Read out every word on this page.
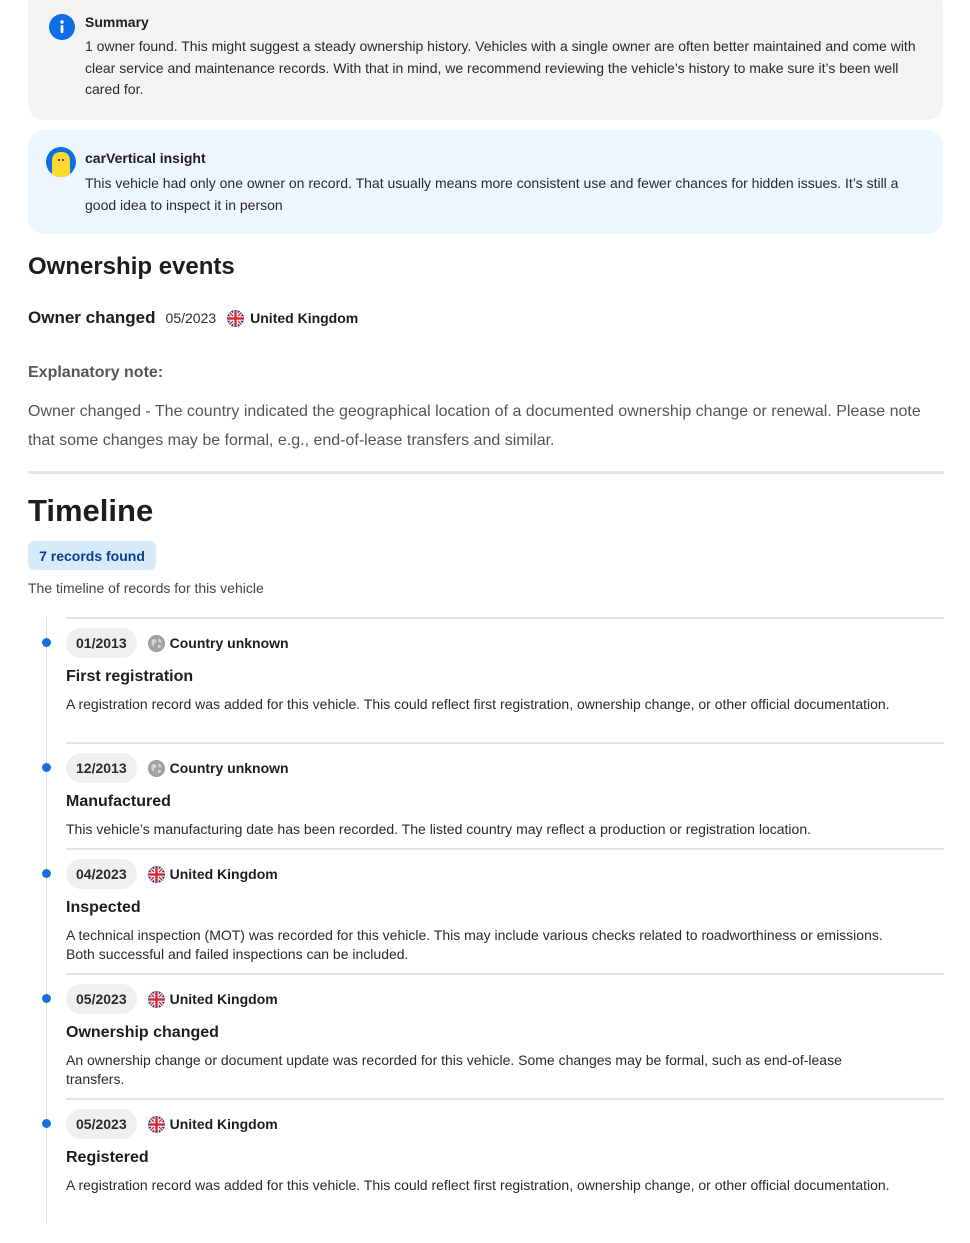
Summary
1 owner found. This might suggest a steady ownership history. Vehicles with a single owner are often better maintained and come with clear service and maintenance records. With that in mind, we recommend reviewing the vehicle’s history to make sure it’s been well cared for.
carVertical insight
This vehicle had only one owner on record. That usually means more consistent use and fewer chances for hidden issues. It’s still a good idea to inspect it in person
Ownership events
Owner changed 05/2023 United Kingdom
Explanatory note:
Owner changed - The country indicated the geographical location of a documented ownership change or renewal. Please note that some changes may be formal, e.g., end-of-lease transfers and similar.
Timeline
7 records found
The timeline of records for this vehicle
01/2013	Country unknown
First registration
A registration record was added for this vehicle. This could reflect first registration, ownership change, or other official documentation.
12/2013	Country unknown
Manufactured
This vehicle’s manufacturing date has been recorded. The listed country may reflect a production or registration location.
04/2023	United Kingdom
Inspected
A technical inspection (MOT) was recorded for this vehicle. This may include various checks related to roadworthiness or emissions. Both successful and failed inspections can be included.
05/2023	United Kingdom
Ownership changed
An ownership change or document update was recorded for this vehicle. Some changes may be formal, such as end-of-lease transfers.
05/2023	United Kingdom
Registered
A registration record was added for this vehicle. This could reflect first registration, ownership change, or other official documentation.
